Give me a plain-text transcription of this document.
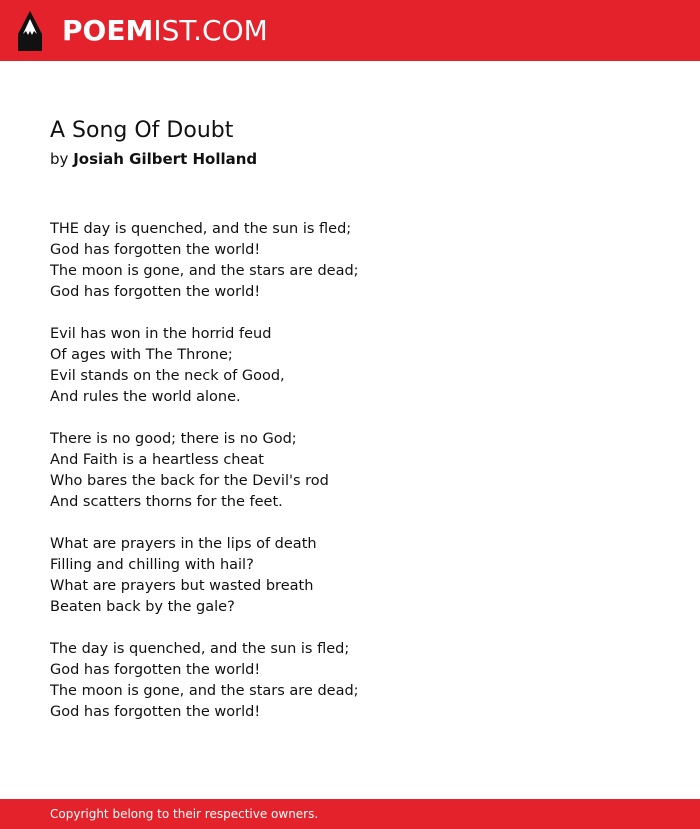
POEMIST.COM
A Song Of Doubt
by Josiah Gilbert Holland
THE day is quenched, and the sun is fled;
God has forgotten the world!
The moon is gone, and the stars are dead;
God has forgotten the world!
Evil has won in the horrid feud
Of ages with The Throne;
Evil stands on the neck of Good,
And rules the world alone.
There is no good; there is no God;
And Faith is a heartless cheat
Who bares the back for the Devil's rod
And scatters thorns for the feet.
What are prayers in the lips of death
Filling and chilling with hail?
What are prayers but wasted breath
Beaten back by the gale?
The day is quenched, and the sun is fled;
God has forgotten the world!
The moon is gone, and the stars are dead;
God has forgotten the world!
Copyright belong to their respective owners.
